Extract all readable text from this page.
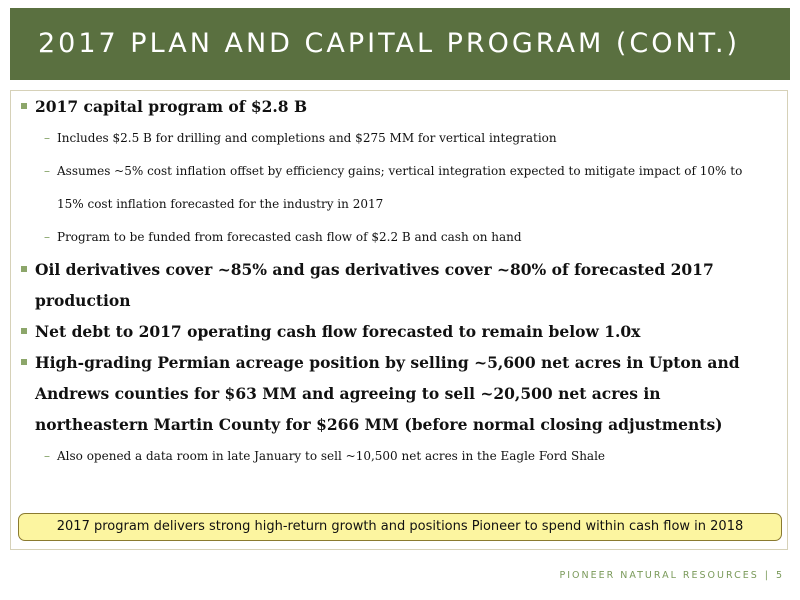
2017 PLAN AND CAPITAL PROGRAM (CONT.)
2017 capital program of $2.8 B
– Includes $2.5 B for drilling and completions and $275 MM for vertical integration
– Assumes ~5% cost inflation offset by efficiency gains; vertical integration expected to mitigate impact of 10% to 15% cost inflation forecasted for the industry in 2017
– Program to be funded from forecasted cash flow of $2.2 B and cash on hand
Oil derivatives cover ~85% and gas derivatives cover ~80% of forecasted 2017 production
Net debt to 2017 operating cash flow forecasted to remain below 1.0x
High-grading Permian acreage position by selling ~5,600 net acres in Upton and Andrews counties for $63 MM and agreeing to sell ~20,500 net acres in northeastern Martin County for $266 MM (before normal closing adjustments)
– Also opened a data room in late January to sell ~10,500 net acres in the Eagle Ford Shale
2017 program delivers strong high-return growth and positions Pioneer to spend within cash flow in 2018
PIONEER NATURAL RESOURCES | 5
